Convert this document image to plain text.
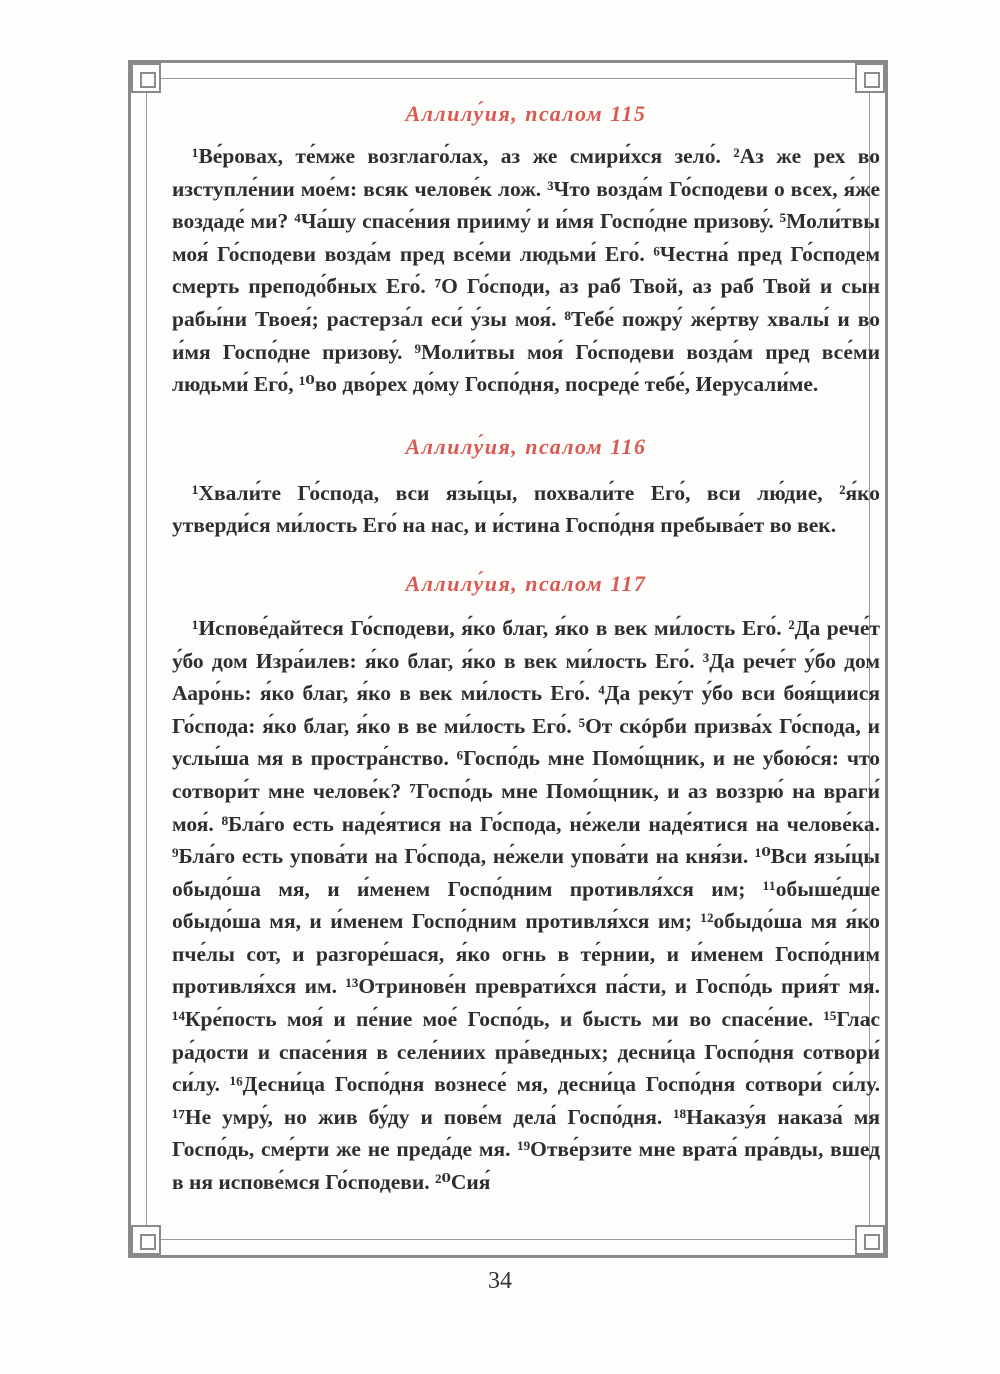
Аллилу́ия, псалом 115

¹Ве́ровах, те́мже возглаго́лах, аз же смири́хся зело́. ²Аз же рех во изступле́нии мое́м: всяк челове́к лож. ³Что возда́м Го́сподеви о всех, я́же воздаде́ ми? ⁴Ча́шу спасе́ния прииму́ и и́мя Госпо́дне призову́. ⁵Моли́твы моя́ Го́сподеви возда́м пред все́ми людьми́ Его́. ⁶Честна́ пред Го́сподем смерть преподо́бных Его́. ⁷О Го́споди, аз раб Твой, аз раб Твой и сын рабы́ни Твоея́; растерза́л еси́ у́зы моя́. ⁸Тебе́ пожру́ же́ртву хвалы́ и во и́мя Госпо́дне призову́. ⁹Моли́твы моя́ Го́сподеви возда́м пред все́ми людьми́ Его́, ¹⁰во дво́рех до́му Госпо́дня, посреде́ тебе́, Иерусали́ме.

Аллилу́ия, псалом 116

¹Хвали́те Го́спода, вси язы́цы, похвали́те Его́, вси лю́дие, ²я́ко утверди́ся ми́лость Его́ на нас, и и́стина Госпо́дня пребыва́ет во век.

Аллилу́ия, псалом 117

¹Испове́дайтеся Го́сподеви, я́ко благ, я́ко в век ми́лость Его́. ²Да рече́т у́бо дом Изра́илев: я́ко благ, я́ко в век ми́лость Его́. ³Да рече́т у́бо дом Ааро́нь: я́ко благ, я́ко в век ми́лость Его́. ⁴Да реку́т у́бо вси боя́щиися Го́спода: я́ко благ, я́ко в ве ми́лость Его́. ⁵От скóрби призва́х Го́спода, и услы́ша мя в простра́нство. ⁶Госпо́дь мне Помо́щник, и не убою́ся: что сотвори́т мне челове́к? ⁷Госпо́дь мне Помо́щник, и аз воззрю́ на враги́ моя́. ⁸Бла́го есть наде́ятися на Го́спода, не́жели наде́ятися на челове́ка. ⁹Бла́го есть упова́ти на Го́спода, не́жели упова́ти на кня́зи. ¹⁰Вси язы́цы обыдо́ша мя, и и́менем Госпо́дним противля́хся им; ¹¹обыше́дше обыдо́ша мя, и и́менем Госпо́дним противля́хся им; ¹²обыдо́ша мя я́ко пче́лы сот, и разгоре́шася, я́ко огнь в те́рнии, и и́менем Госпо́дним противля́хся им. ¹³Отринове́н преврати́хся па́сти, и Госпо́дь прия́т мя. ¹⁴Кре́пость моя́ и пе́ние мое́ Госпо́дь, и бысть ми во спасе́ние. ¹⁵Глас ра́дости и спасе́ния в селе́ниих пра́ведных; десни́ца Госпо́дня сотвори́ си́лу. ¹⁶Десни́ца Госпо́дня вознесе́ мя, десни́ца Госпо́дня сотвори́ си́лу. ¹⁷Не умру́, но жив бу́ду и пове́м дела́ Госпо́дня. ¹⁸Наказу́я наказа́ мя Госпо́дь, сме́рти же не преда́де мя. ¹⁹Отве́рзите мне врата́ пра́вды, вшед в ня испове́мся Го́сподеви. ²⁰Сия́

34
